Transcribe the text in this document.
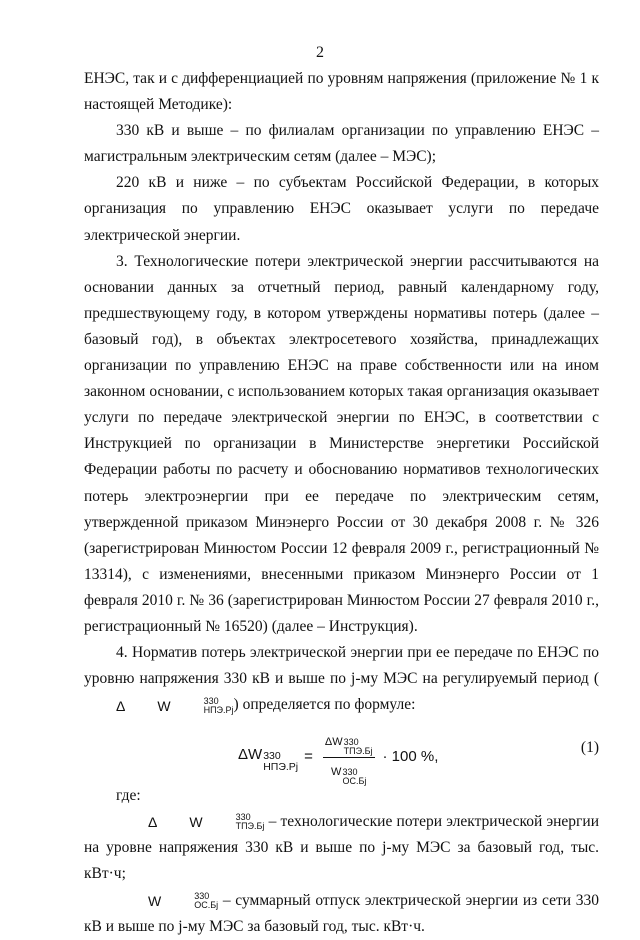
2

ЕНЭС, так и с дифференциацией по уровням напряжения (приложение № 1 к настоящей Методике):

330 кВ и выше – по филиалам организации по управлению ЕНЭС – магистральным электрическим сетям (далее – МЭС);

220 кВ и ниже – по субъектам Российской Федерации, в которых организация по управлению ЕНЭС оказывает услуги по передаче электрической энергии.

3. Технологические потери электрической энергии рассчитываются на основании данных за отчетный период, равный календарному году, предшествующему году, в котором утверждены нормативы потерь (далее – базовый год), в объектах электросетевого хозяйства, принадлежащих организации по управлению ЕНЭС на праве собственности или на ином законном основании, с использованием которых такая организация оказывает услуги по передаче электрической энергии по ЕНЭС, в соответствии с Инструкцией по организации в Министерстве энергетики Российской Федерации работы по расчету и обоснованию нормативов технологических потерь электроэнергии при ее передаче по электрическим сетям, утвержденной приказом Минэнерго России от 30 декабря 2008 г. № 326 (зарегистрирован Минюстом России 12 февраля 2009 г., регистрационный № 13314), с изменениями, внесенными приказом Минэнерго России от 1 февраля 2010 г. № 36 (зарегистрирован Минюстом России 27 февраля 2010 г., регистрационный № 16520) (далее – Инструкция).

4. Норматив потерь электрической энергии при ее передаче по ЕНЭС по уровню напряжения 330 кВ и выше по j-му МЭС на регулируемый период (
Δ	W	330
НПЭ.Pj ) определяется по формуле:

Δ W 330
НПЭ.Pj
= Δ W 330
ТПЭ.Бj
W 330
ОС.Бj · 100 %,
(1)

где:

Δ	W	330
ТПЭ.Бj – технологические потери электрической энергии на уровне напряжения 330 кВ и выше по j-му МЭС за базовый год, тыс. кВт·ч;

W	330
ОС.Бj – суммарный отпуск электрической энергии из сети 330 кВ и выше по j-му МЭС за базовый год, тыс. кВт·ч.
